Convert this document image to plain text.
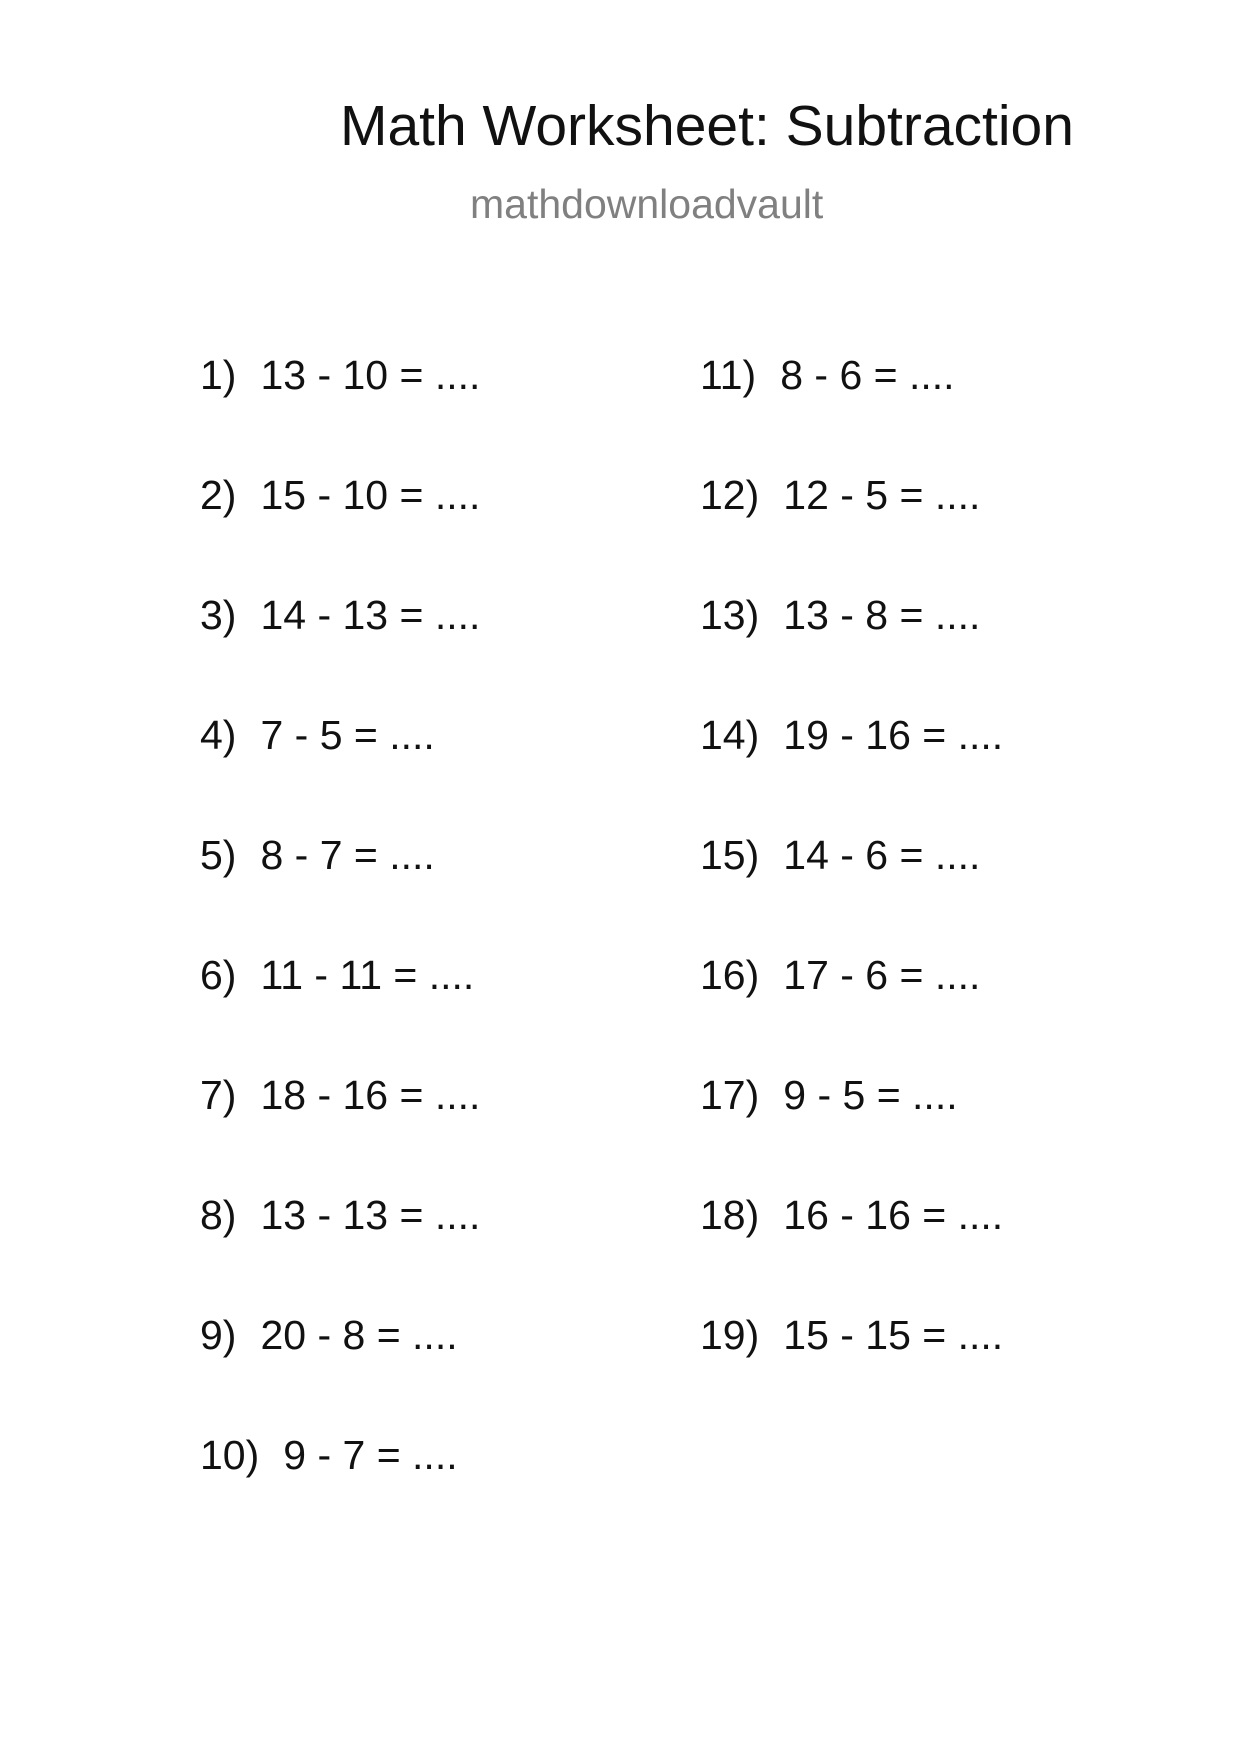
Math Worksheet: Subtraction
mathdownloadvault
1) 13 - 10 = ....
2) 15 - 10 = ....
3) 14 - 13 = ....
4) 7 - 5 = ....
5) 8 - 7 = ....
6) 11 - 11 = ....
7) 18 - 16 = ....
8) 13 - 13 = ....
9) 20 - 8 = ....
10) 9 - 7 = ....
11) 8 - 6 = ....
12) 12 - 5 = ....
13) 13 - 8 = ....
14) 19 - 16 = ....
15) 14 - 6 = ....
16) 17 - 6 = ....
17) 9 - 5 = ....
18) 16 - 16 = ....
19) 15 - 15 = ....
